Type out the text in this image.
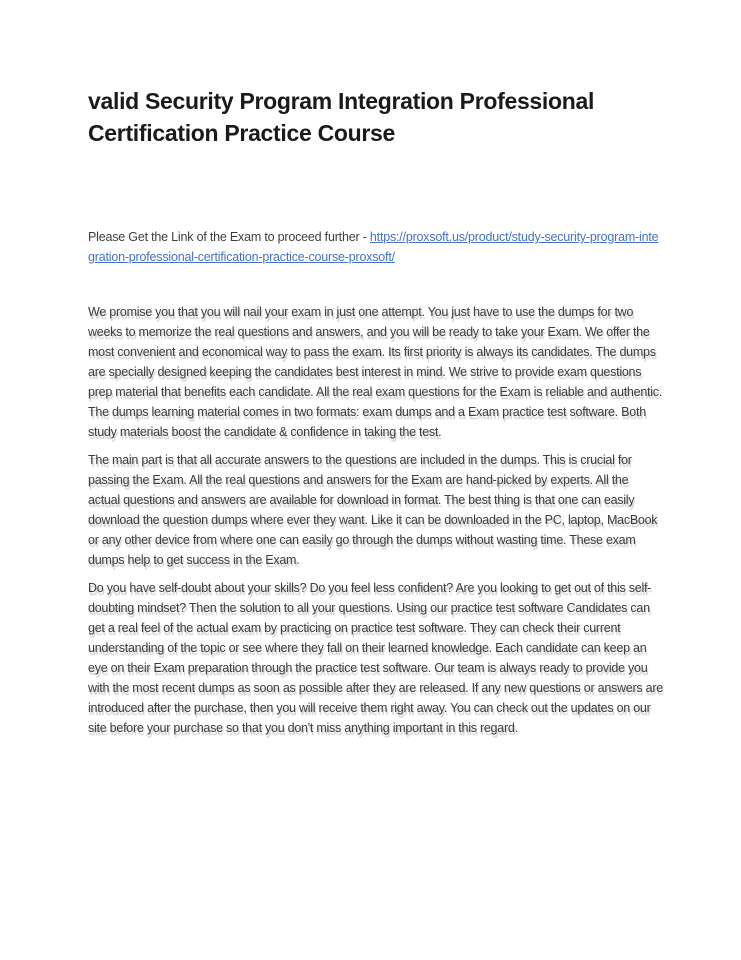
valid Security Program Integration Professional Certification Practice Course

Please Get the Link of the Exam to proceed further - https://proxsoft.us/product/study-security-program-integration-professional-certification-practice-course-proxsoft/

We promise you that you will nail your exam in just one attempt. You just have to use the dumps for two weeks to memorize the real questions and answers, and you will be ready to take your Exam. We offer the most convenient and economical way to pass the exam. Its first priority is always its candidates. The dumps are specially designed keeping the candidates best interest in mind. We strive to provide exam questions prep material that benefits each candidate. All the real exam questions for the Exam is reliable and authentic. The dumps learning material comes in two formats: exam dumps and a Exam practice test software. Both study materials boost the candidate & confidence in taking the test.

The main part is that all accurate answers to the questions are included in the dumps. This is crucial for passing the Exam. All the real questions and answers for the Exam are hand-picked by experts. All the actual questions and answers are available for download in format. The best thing is that one can easily download the question dumps where ever they want. Like it can be downloaded in the PC, laptop, MacBook or any other device from where one can easily go through the dumps without wasting time. These exam dumps help to get success in the Exam.

Do you have self-doubt about your skills? Do you feel less confident? Are you looking to get out of this self-doubting mindset? Then the solution to all your questions. Using our practice test software Candidates can get a real feel of the actual exam by practicing on practice test software. They can check their current understanding of the topic or see where they fall on their learned knowledge. Each candidate can keep an eye on their Exam preparation through the practice test software. Our team is always ready to provide you with the most recent dumps as soon as possible after they are released. If any new questions or answers are introduced after the purchase, then you will receive them right away. You can check out the updates on our site before your purchase so that you don't miss anything important in this regard.
